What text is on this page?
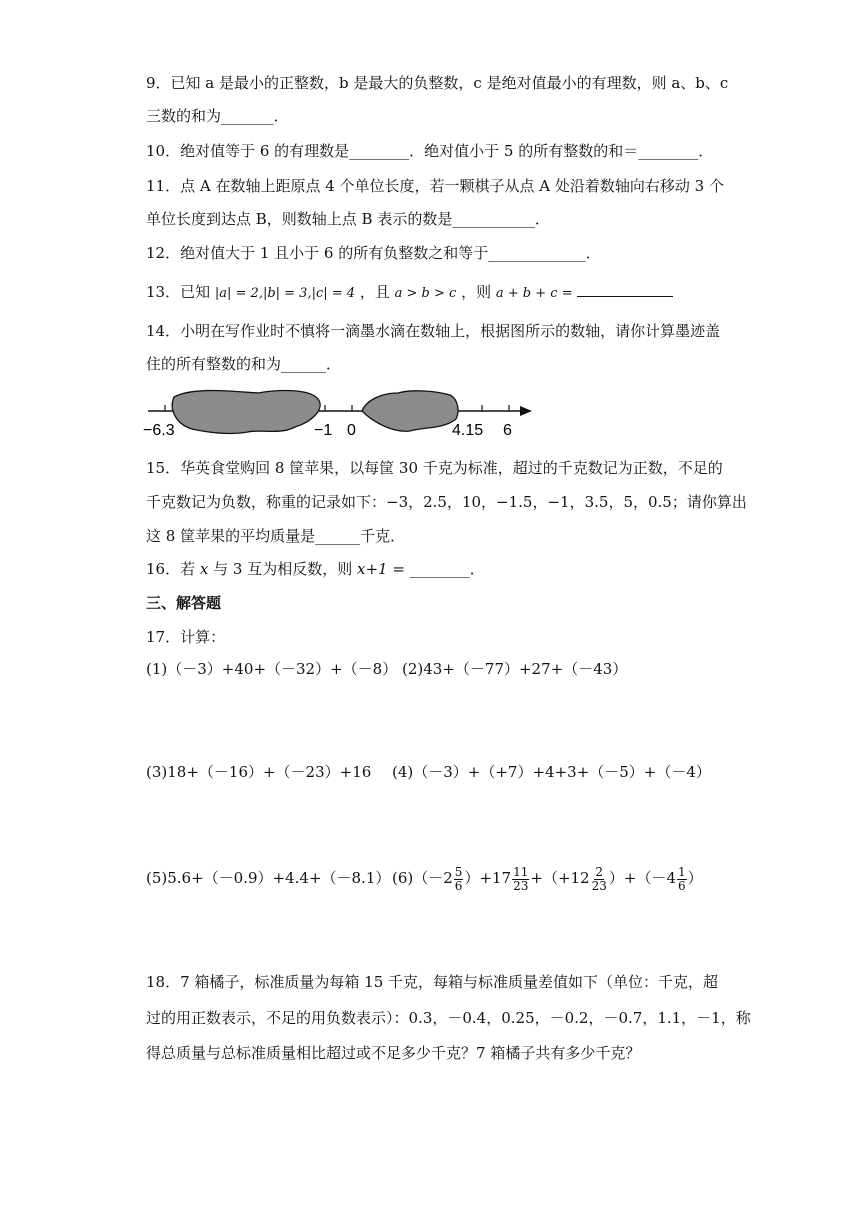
9．已知 a 是最小的正整数，b 是最大的负整数，c 是绝对值最小的有理数，则 a、b、c
三数的和为_______．
10．绝对值等于 6 的有理数是________．绝对值小于 5 的所有整数的和＝________．
11．点 A 在数轴上距原点 4 个单位长度，若一颗棋子从点 A 处沿着数轴向右移动 3 个
单位长度到达点 B，则数轴上点 B 表示的数是___________．
12．绝对值大于 1 且小于 6 的所有负整数之和等于_____________．
13．已知 |a| = 2,|b| = 3,|c| = 4 ，且 a > b > c ，则 a + b + c =
14．小明在写作业时不慎将一滴墨水滴在数轴上，根据图所示的数轴，请你计算墨迹盖
住的所有整数的和为______．
−6.3	−1 0	4.15 6
15．华英食堂购回 8 筐苹果，以每筐 30 千克为标准，超过的千克数记为正数，不足的
千克数记为负数，称重的记录如下：−3，2.5，10，−1.5，−1，3.5，5，0.5；请你算出
这 8 筐苹果的平均质量是______千克．
16．若 x 与 3 互为相反数，则 x+1 = ________．
三、解答题
17．计算：
(1)（－3）+40+（－32）+（－8） (2)43+（－77）+27+（－43）
(3)18+（－16）+（－23）+16 (4)（－3）+（+7）+4+3+（－5）+（－4）
(5)5.6+（－0.9）+4.4+（－8.1） $(6)(-2 \frac{5}{6} )+17 \frac{11}{23} +(+12 \frac{2}{23} )+(-4 \frac{1}{6}$ ）
18．7 箱橘子，标准质量为每箱 15 千克，每箱与标准质量差值如下（单位：千克，超
过的用正数表示，不足的用负数表示）：0.3，－0.4，0.25，－0.2，－0.7，1.1，－1，称
得总质量与总标准质量相比超过或不足多少千克？7 箱橘子共有多少千克？
